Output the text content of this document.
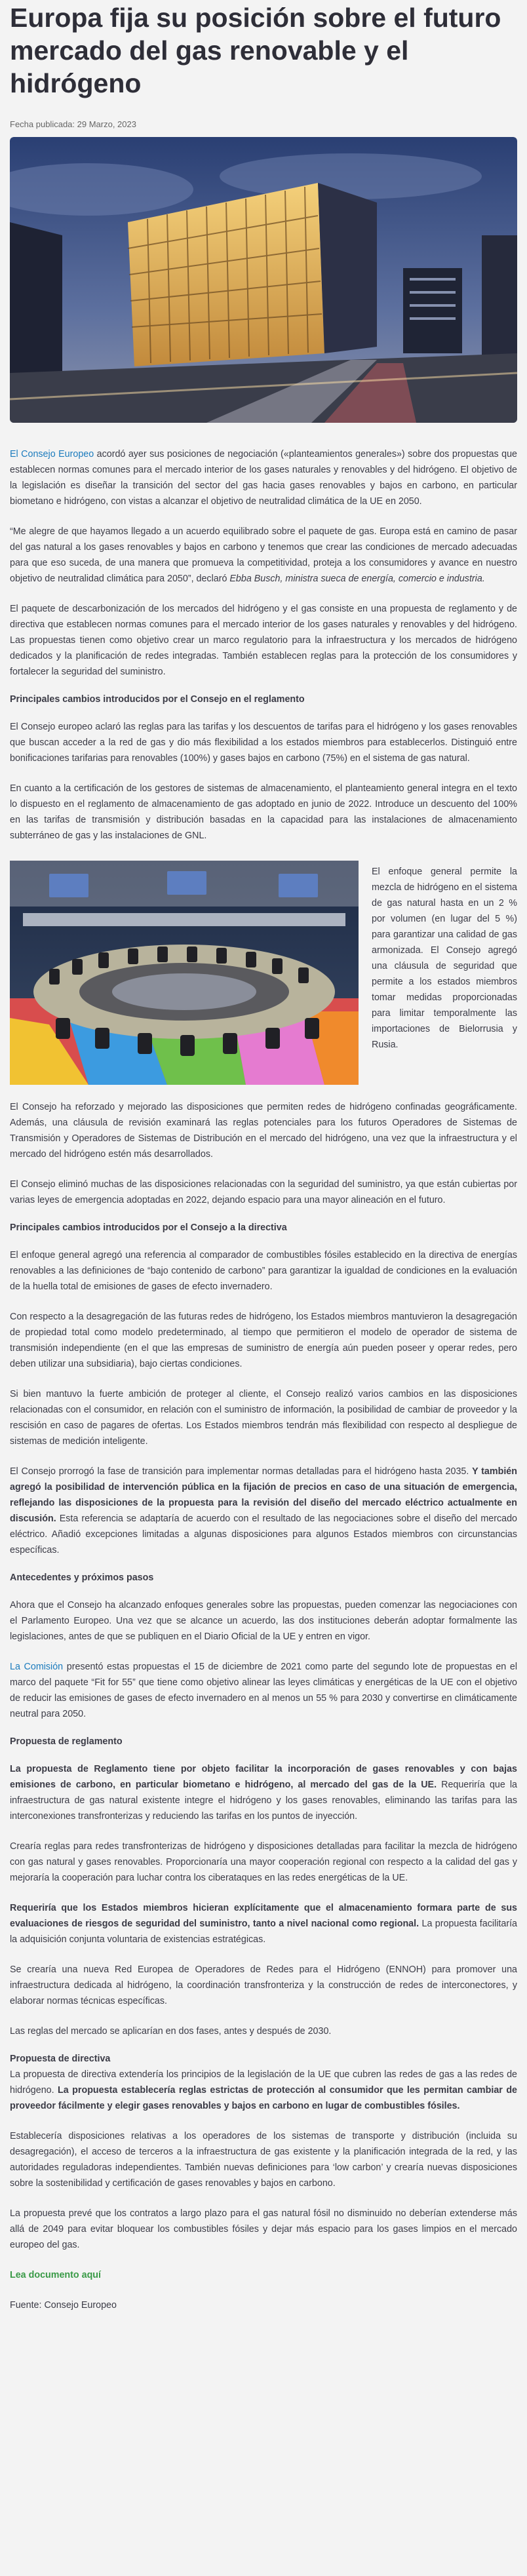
Europa fija su posición sobre el futuro mercado del gas renovable y el hidrógeno
Fecha publicada: 29 Marzo, 2023

El Consejo Europeo acordó ayer sus posiciones de negociación («planteamientos generales») sobre dos propuestas que establecen normas comunes para el mercado interior de los gases naturales y renovables y del hidrógeno. El objetivo de la legislación es diseñar la transición del sector del gas hacia gases renovables y bajos en carbono, en particular biometano e hidrógeno, con vistas a alcanzar el objetivo de neutralidad climática de la UE en 2050.

“Me alegre de que hayamos llegado a un acuerdo equilibrado sobre el paquete de gas. Europa está en camino de pasar del gas natural a los gases renovables y bajos en carbono y tenemos que crear las condiciones de mercado adecuadas para que eso suceda, de una manera que promueva la competitividad, proteja a los consumidores y avance en nuestro objetivo de neutralidad climática para 2050”, declaró Ebba Busch, ministra sueca de energía, comercio e industria.

El paquete de descarbonización de los mercados del hidrógeno y el gas consiste en una propuesta de reglamento y de directiva que establecen normas comunes para el mercado interior de los gases naturales y renovables y del hidrógeno. Las propuestas tienen como objetivo crear un marco regulatorio para la infraestructura y los mercados de hidrógeno dedicados y la planificación de redes integradas. También establecen reglas para la protección de los consumidores y fortalecer la seguridad del suministro.

Principales cambios introducidos por el Consejo en el reglamento

El Consejo europeo aclaró las reglas para las tarifas y los descuentos de tarifas para el hidrógeno y los gases renovables que buscan acceder a la red de gas y dio más flexibilidad a los estados miembros para establecerlos. Distinguió entre bonificaciones tarifarias para renovables (100%) y gases bajos en carbono (75%) en el sistema de gas natural.

En cuanto a la certificación de los gestores de sistemas de almacenamiento, el planteamiento general integra en el texto lo dispuesto en el reglamento de almacenamiento de gas adoptado en junio de 2022. Introduce un descuento del 100% en las tarifas de transmisión y distribución basadas en la capacidad para las instalaciones de almacenamiento subterráneo de gas y las instalaciones de GNL.

El enfoque general permite la mezcla de hidrógeno en el sistema de gas natural hasta en un 2 % por volumen (en lugar del 5 %) para garantizar una calidad de gas armonizada. El Consejo agregó una cláusula de seguridad que permite a los estados miembros tomar medidas proporcionadas para limitar temporalmente las importaciones de Bielorrusia y Rusia.

El Consejo ha reforzado y mejorado las disposiciones que permiten redes de hidrógeno confinadas geográficamente. Además, una cláusula de revisión examinará las reglas potenciales para los futuros Operadores de Sistemas de Transmisión y Operadores de Sistemas de Distribución en el mercado del hidrógeno, una vez que la infraestructura y el mercado del hidrógeno estén más desarrollados.

El Consejo eliminó muchas de las disposiciones relacionadas con la seguridad del suministro, ya que están cubiertas por varias leyes de emergencia adoptadas en 2022, dejando espacio para una mayor alineación en el futuro.

Principales cambios introducidos por el Consejo a la directiva

El enfoque general agregó una referencia al comparador de combustibles fósiles establecido en la directiva de energías renovables a las definiciones de “bajo contenido de carbono” para garantizar la igualdad de condiciones en la evaluación de la huella total de emisiones de gases de efecto invernadero.

Con respecto a la desagregación de las futuras redes de hidrógeno, los Estados miembros mantuvieron la desagregación de propiedad total como modelo predeterminado, al tiempo que permitieron el modelo de operador de sistema de transmisión independiente (en el que las empresas de suministro de energía aún pueden poseer y operar redes, pero deben utilizar una subsidiaria), bajo ciertas condiciones.

Si bien mantuvo la fuerte ambición de proteger al cliente, el Consejo realizó varios cambios en las disposiciones relacionadas con el consumidor, en relación con el suministro de información, la posibilidad de cambiar de proveedor y la rescisión en caso de pagares de ofertas. Los Estados miembros tendrán más flexibilidad con respecto al despliegue de sistemas de medición inteligente.

El Consejo prorrogó la fase de transición para implementar normas detalladas para el hidrógeno hasta 2035. Y también agregó la posibilidad de intervención pública en la fijación de precios en caso de una situación de emergencia, reflejando las disposiciones de la propuesta para la revisión del diseño del mercado eléctrico actualmente en discusión. Esta referencia se adaptaría de acuerdo con el resultado de las negociaciones sobre el diseño del mercado eléctrico. Añadió excepciones limitadas a algunas disposiciones para algunos Estados miembros con circunstancias específicas.

Antecedentes y próximos pasos

Ahora que el Consejo ha alcanzado enfoques generales sobre las propuestas, pueden comenzar las negociaciones con el Parlamento Europeo. Una vez que se alcance un acuerdo, las dos instituciones deberán adoptar formalmente las legislaciones, antes de que se publiquen en el Diario Oficial de la UE y entren en vigor.

La Comisión presentó estas propuestas el 15 de diciembre de 2021 como parte del segundo lote de propuestas en el marco del paquete “Fit for 55” que tiene como objetivo alinear las leyes climáticas y energéticas de la UE con el objetivo de reducir las emisiones de gases de efecto invernadero en al menos un 55 % para 2030 y convertirse en climáticamente neutral para 2050.

Propuesta de reglamento

La propuesta de Reglamento tiene por objeto facilitar la incorporación de gases renovables y con bajas emisiones de carbono, en particular biometano e hidrógeno, al mercado del gas de la UE. Requeriría que la infraestructura de gas natural existente integre el hidrógeno y los gases renovables, eliminando las tarifas para las interconexiones transfronterizas y reduciendo las tarifas en los puntos de inyección.

Crearía reglas para redes transfronterizas de hidrógeno y disposiciones detalladas para facilitar la mezcla de hidrógeno con gas natural y gases renovables. Proporcionaría una mayor cooperación regional con respecto a la calidad del gas y mejoraría la cooperación para luchar contra los ciberataques en las redes energéticas de la UE.

Requeriría que los Estados miembros hicieran explícitamente que el almacenamiento formara parte de sus evaluaciones de riesgos de seguridad del suministro, tanto a nivel nacional como regional. La propuesta facilitaría la adquisición conjunta voluntaria de existencias estratégicas.

Se crearía una nueva Red Europea de Operadores de Redes para el Hidrógeno (ENNOH) para promover una infraestructura dedicada al hidrógeno, la coordinación transfronteriza y la construcción de redes de interconectores, y elaborar normas técnicas específicas.

Las reglas del mercado se aplicarían en dos fases, antes y después de 2030.

Propuesta de directiva

La propuesta de directiva extendería los principios de la legislación de la UE que cubren las redes de gas a las redes de hidrógeno. La propuesta establecería reglas estrictas de protección al consumidor que les permitan cambiar de proveedor fácilmente y elegir gases renovables y bajos en carbono en lugar de combustibles fósiles.

Establecería disposiciones relativas a los operadores de los sistemas de transporte y distribución (incluida su desagregación), el acceso de terceros a la infraestructura de gas existente y la planificación integrada de la red, y las autoridades reguladoras independientes. También nuevas definiciones para ‘low carbon’ y crearía nuevas disposiciones sobre la sostenibilidad y certificación de gases renovables y bajos en carbono.

La propuesta prevé que los contratos a largo plazo para el gas natural fósil no disminuido no deberían extenderse más allá de 2049 para evitar bloquear los combustibles fósiles y dejar más espacio para los gases limpios en el mercado europeo del gas.

Lea documento aquí

Fuente: Consejo Europeo
